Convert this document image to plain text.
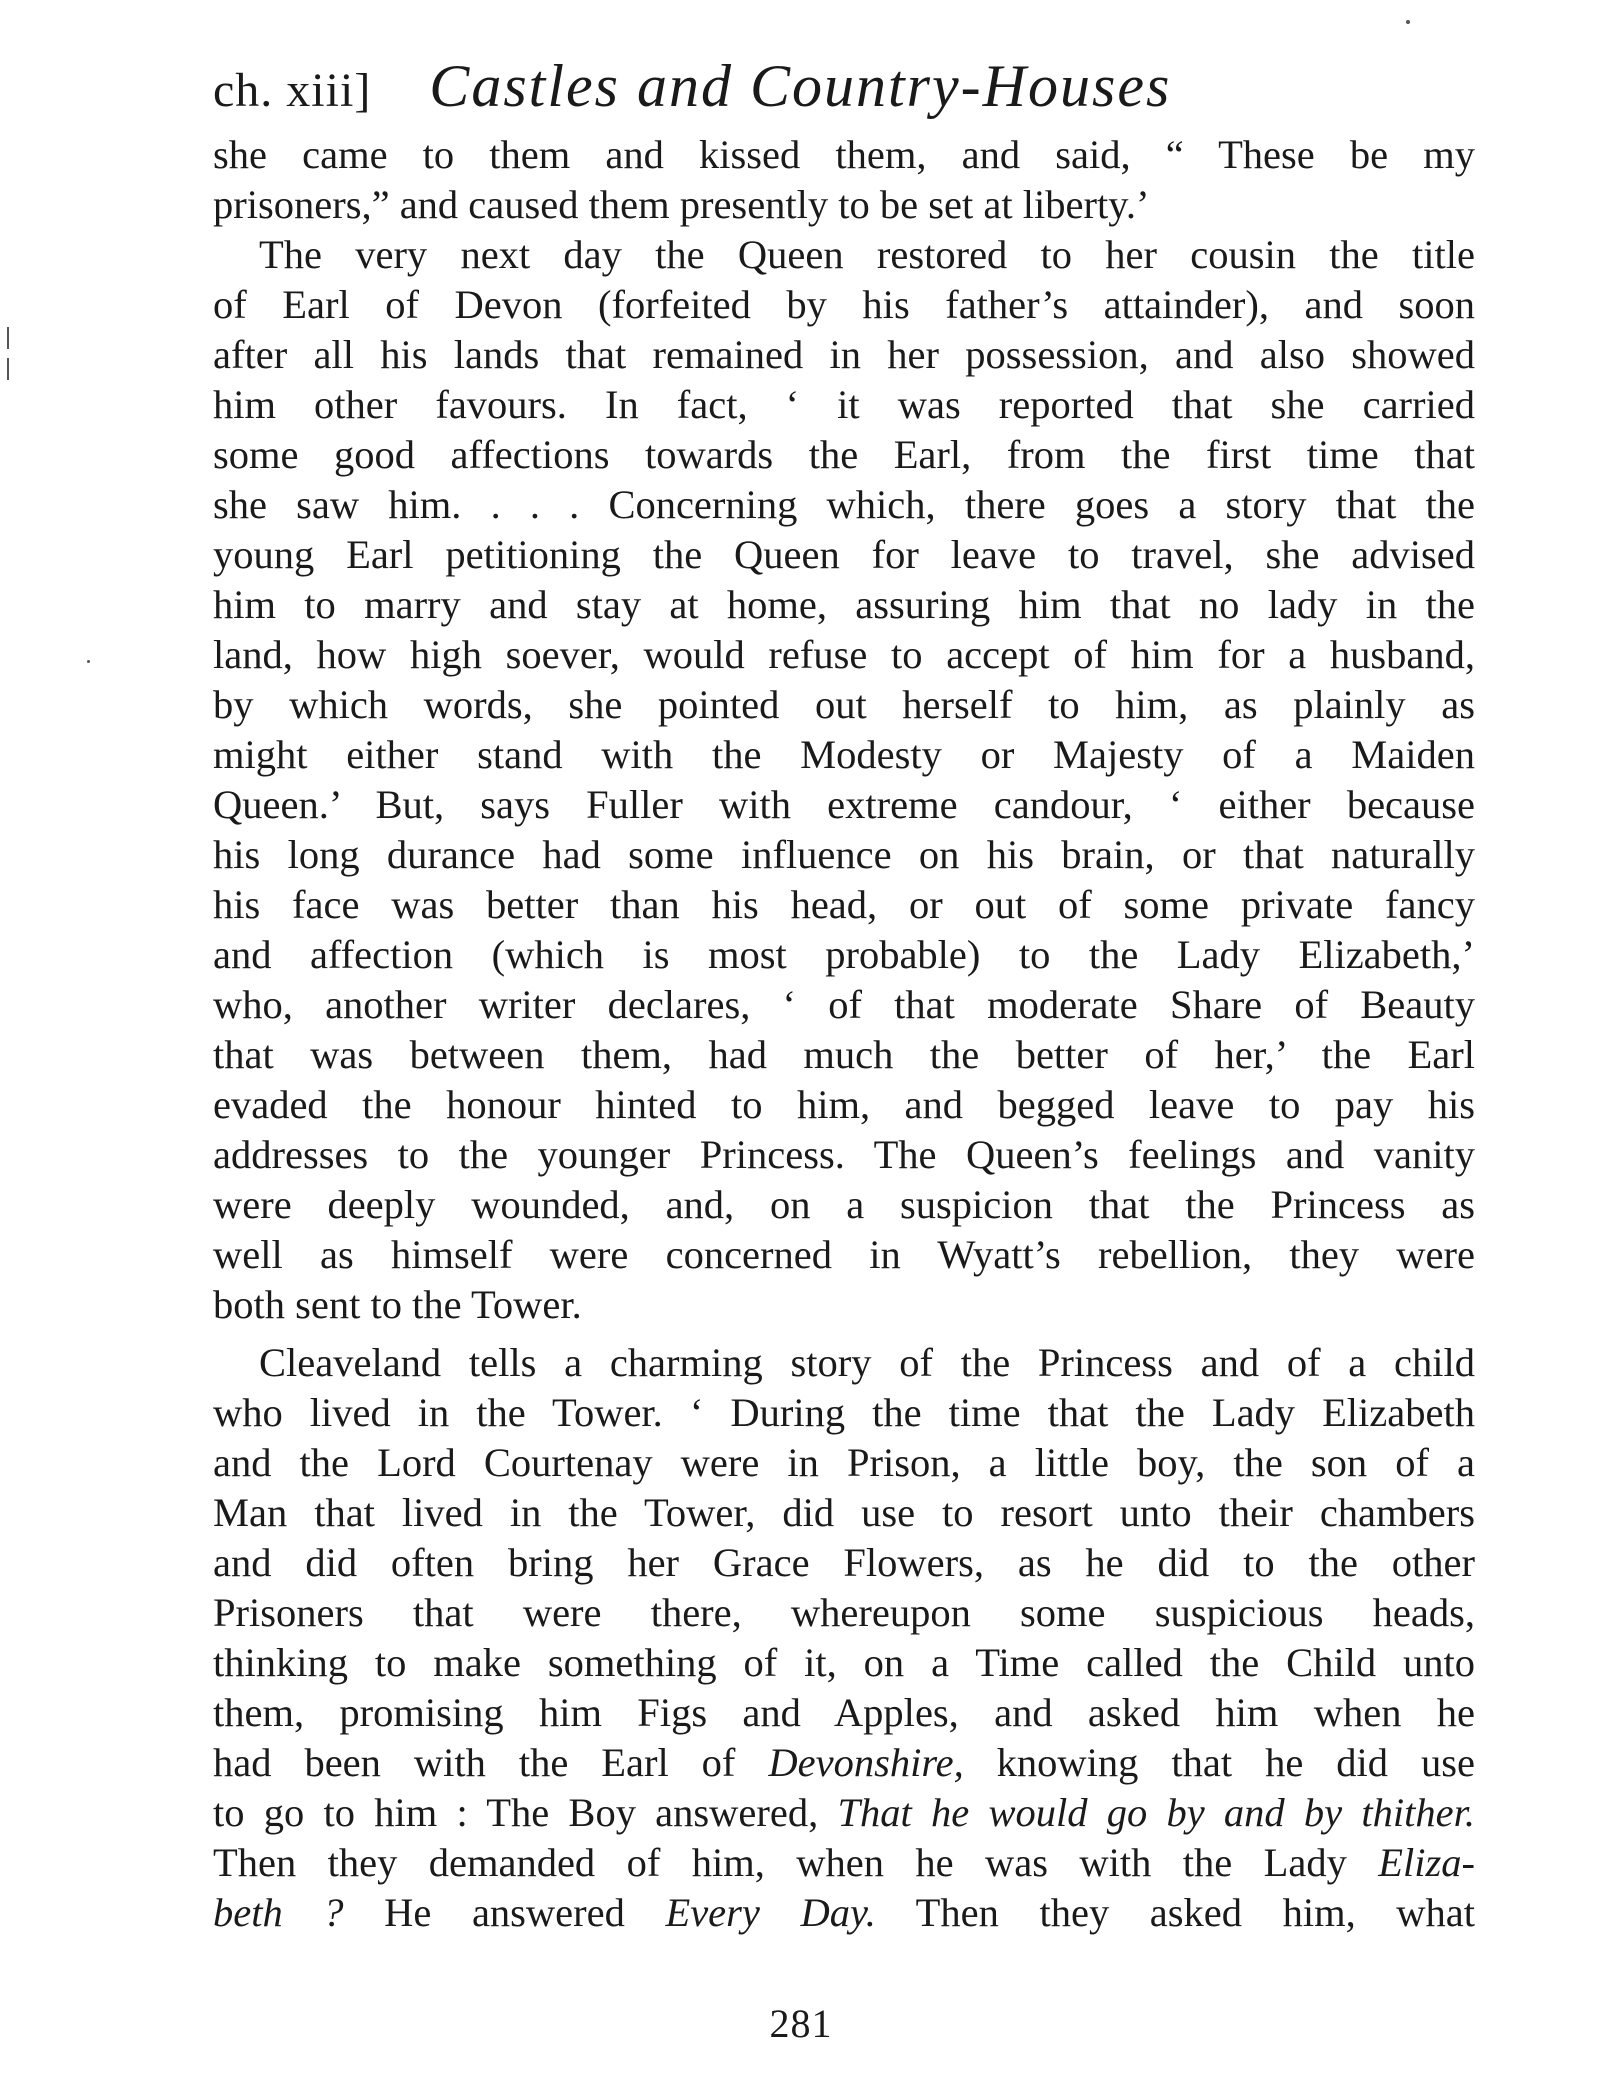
ch. xiii] Castles and Country-Houses
she came to them and kissed them, and said, “ These be my
prisoners,” and caused them presently to be set at liberty.’
The very next day the Queen restored to her cousin the title
of Earl of Devon (forfeited by his father’s attainder), and soon
after all his lands that remained in her possession, and also showed
him other favours. In fact, ‘ it was reported that she carried
some good affections towards the Earl, from the first time that
she saw him. . . . Concerning which, there goes a story that the
young Earl petitioning the Queen for leave to travel, she advised
him to marry and stay at home, assuring him that no lady in the
land, how high soever, would refuse to accept of him for a husband,
by which words, she pointed out herself to him, as plainly as
might either stand with the Modesty or Majesty of a Maiden
Queen.’ But, says Fuller with extreme candour, ‘ either because
his long durance had some influence on his brain, or that naturally
his face was better than his head, or out of some private fancy
and affection (which is most probable) to the Lady Elizabeth,’
who, another writer declares, ‘ of that moderate Share of Beauty
that was between them, had much the better of her,’ the Earl
evaded the honour hinted to him, and begged leave to pay his
addresses to the younger Princess. The Queen’s feelings and vanity
were deeply wounded, and, on a suspicion that the Princess as
well as himself were concerned in Wyatt’s rebellion, they were
both sent to the Tower.
Cleaveland tells a charming story of the Princess and of a child
who lived in the Tower. ‘ During the time that the Lady Elizabeth
and the Lord Courtenay were in Prison, a little boy, the son of a
Man that lived in the Tower, did use to resort unto their chambers
and did often bring her Grace Flowers, as he did to the other
Prisoners that were there, whereupon some suspicious heads,
thinking to make something of it, on a Time called the Child unto
them, promising him Figs and Apples, and asked him when he
had been with the Earl of Devonshire, knowing that he did use
to go to him : The Boy answered, That he would go by and by thither.
Then they demanded of him, when he was with the Lady Eliza-
beth ? He answered Every Day. Then they asked him, what
281
